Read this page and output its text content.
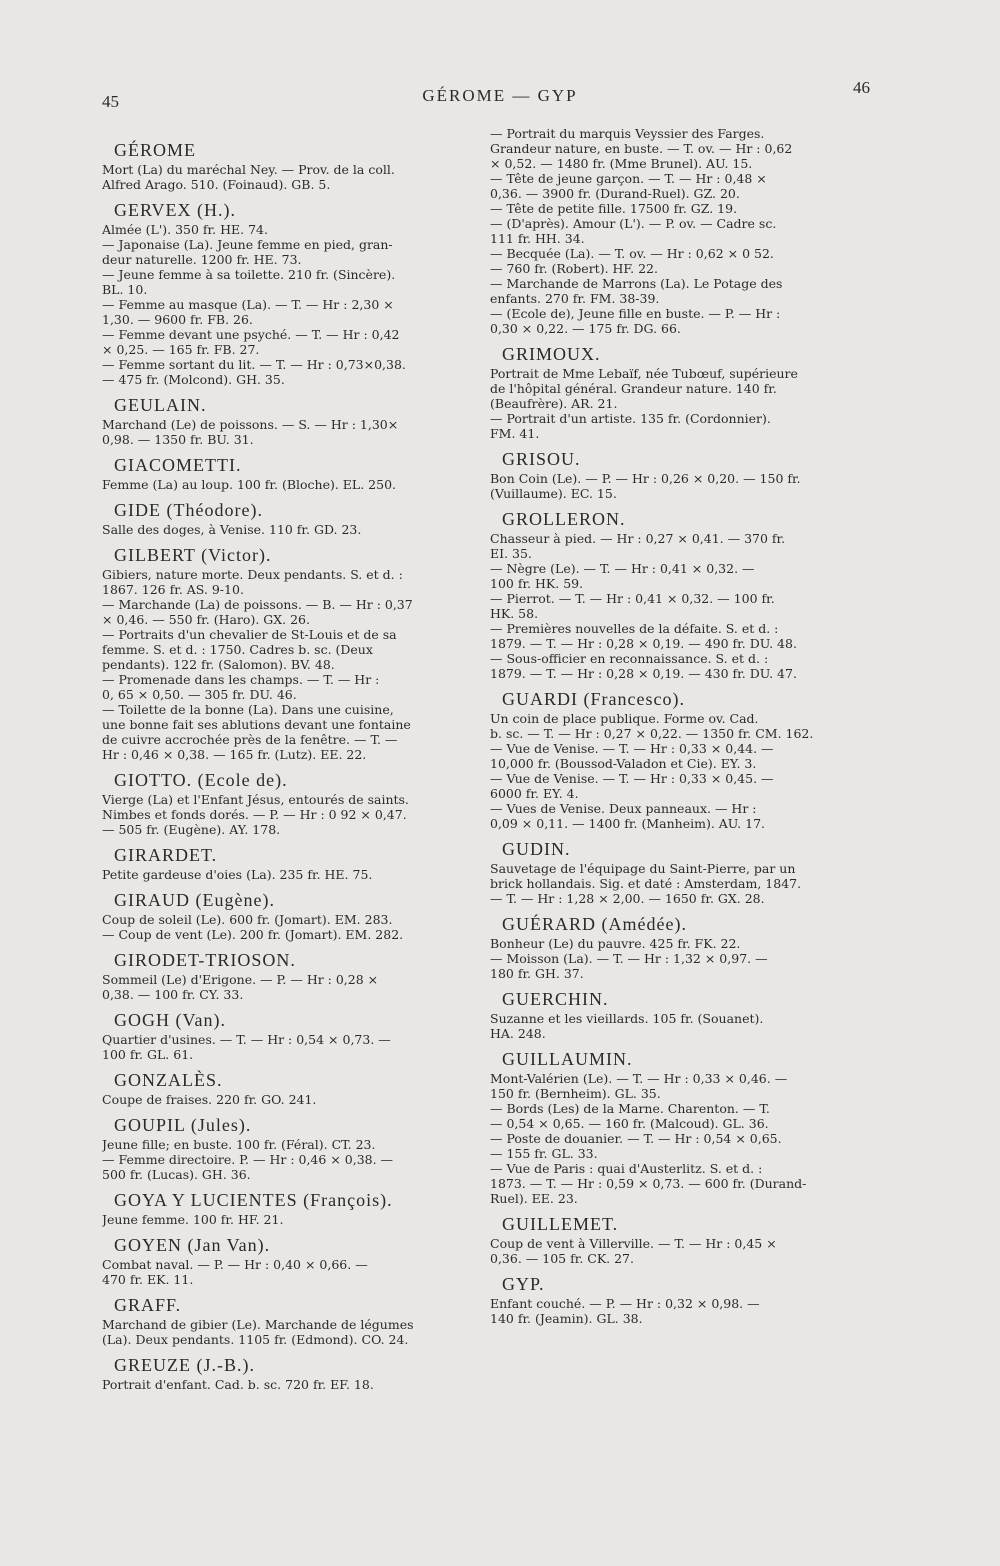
45	GÉROME — GYP	46
GÉROME
Mort (La) du maréchal Ney. — Prov. de la coll.
Alfred Arago. 510. (Foinaud). GB. 5.
GERVEX (H.).
Almée (L'). 350 fr. HE. 74.
— Japonaise (La). Jeune femme en pied, gran-
deur naturelle. 1200 fr. HE. 73.
— Jeune femme à sa toilette. 210 fr. (Sincère).
BL. 10.
— Femme au masque (La). — T. — Hr : 2,30 ×
1,30. — 9600 fr. FB. 26.
— Femme devant une psyché. — T. — Hr : 0,42
× 0,25. — 165 fr. FB. 27.
— Femme sortant du lit. — T. — Hr : 0,73×0,38.
— 475 fr. (Molcond). GH. 35.
GEULAIN.
Marchand (Le) de poissons. — S. — Hr : 1,30×
0,98. — 1350 fr. BU. 31.
GIACOMETTI.
Femme (La) au loup. 100 fr. (Bloche). EL. 250.
GIDE (Théodore).
Salle des doges, à Venise. 110 fr. GD. 23.
GILBERT (Victor).
Gibiers, nature morte. Deux pendants. S. et d. :
1867. 126 fr. AS. 9-10.
— Marchande (La) de poissons. — B. — Hr : 0,37
× 0,46. — 550 fr. (Haro). GX. 26.
— Portraits d'un chevalier de St-Louis et de sa
femme. S. et d. : 1750. Cadres b. sc. (Deux
pendants). 122 fr. (Salomon). BV. 48.
— Promenade dans les champs. — T. — Hr :
0, 65 × 0,50. — 305 fr. DU. 46.
— Toilette de la bonne (La). Dans une cuisine,
une bonne fait ses ablutions devant une fontaine
de cuivre accrochée près de la fenêtre. — T. —
Hr : 0,46 × 0,38. — 165 fr. (Lutz). EE. 22.
GIOTTO. (Ecole de).
Vierge (La) et l'Enfant Jésus, entourés de saints.
Nimbes et fonds dorés. — P. — Hr : 0 92 × 0,47.
— 505 fr. (Eugène). AY. 178.
GIRARDET.
Petite gardeuse d'oies (La). 235 fr. HE. 75.
GIRAUD (Eugène).
Coup de soleil (Le). 600 fr. (Jomart). EM. 283.
— Coup de vent (Le). 200 fr. (Jomart). EM. 282.
GIRODET-TRIOSON.
Sommeil (Le) d'Erigone. — P. — Hr : 0,28 ×
0,38. — 100 fr. CY. 33.
GOGH (Van).
Quartier d'usines. — T. — Hr : 0,54 × 0,73. —
100 fr. GL. 61.
GONZALÈS.
Coupe de fraises. 220 fr. GO. 241.
GOUPIL (Jules).
Jeune fille; en buste. 100 fr. (Féral). CT. 23.
— Femme directoire. P. — Hr : 0,46 × 0,38. —
500 fr. (Lucas). GH. 36.
GOYA Y LUCIENTES (François).
Jeune femme. 100 fr. HF. 21.
GOYEN (Jan Van).
Combat naval. — P. — Hr : 0,40 × 0,66. —
470 fr. EK. 11.
GRAFF.
Marchand de gibier (Le). Marchande de légumes
(La). Deux pendants. 1105 fr. (Edmond). CO. 24.
GREUZE (J.-B.).
Portrait d'enfant. Cad. b. sc. 720 fr. EF. 18.
— Portrait du marquis Veyssier des Farges.
Grandeur nature, en buste. — T. ov. — Hr : 0,62
× 0,52. — 1480 fr. (Mme Brunel). AU. 15.
— Tête de jeune garçon. — T. — Hr : 0,48 ×
0,36. — 3900 fr. (Durand-Ruel). GZ. 20.
— Tête de petite fille. 17500 fr. GZ. 19.
— (D'après). Amour (L'). — P. ov. — Cadre sc.
111 fr. HH. 34.
— Becquée (La). — T. ov. — Hr : 0,62 × 0 52.
— 760 fr. (Robert). HF. 22.
— Marchande de Marrons (La). Le Potage des
enfants. 270 fr. FM. 38-39.
— (Ecole de), Jeune fille en buste. — P. — Hr :
0,30 × 0,22. — 175 fr. DG. 66.
GRIMOUX.
Portrait de Mme Lebaïf, née Tubœuf, supérieure
de l'hôpital général. Grandeur nature. 140 fr.
(Beaufrère). AR. 21.
— Portrait d'un artiste. 135 fr. (Cordonnier).
FM. 41.
GRISOU.
Bon Coin (Le). — P. — Hr : 0,26 × 0,20. — 150 fr.
(Vuillaume). EC. 15.
GROLLERON.
Chasseur à pied. — Hr : 0,27 × 0,41. — 370 fr.
EI. 35.
— Nègre (Le). — T. — Hr : 0,41 × 0,32. —
100 fr. HK. 59.
— Pierrot. — T. — Hr : 0,41 × 0,32. — 100 fr.
HK. 58.
— Premières nouvelles de la défaite. S. et d. :
1879. — T. — Hr : 0,28 × 0,19. — 490 fr. DU. 48.
— Sous-officier en reconnaissance. S. et d. :
1879. — T. — Hr : 0,28 × 0,19. — 430 fr. DU. 47.
GUARDI (Francesco).
Un coin de place publique. Forme ov. Cad.
b. sc. — T. — Hr : 0,27 × 0,22. — 1350 fr. CM. 162.
— Vue de Venise. — T. — Hr : 0,33 × 0,44. —
10,000 fr. (Boussod-Valadon et Cie). EY. 3.
— Vue de Venise. — T. — Hr : 0,33 × 0,45. —
6000 fr. EY. 4.
— Vues de Venise. Deux panneaux. — Hr :
0,09 × 0,11. — 1400 fr. (Manheim). AU. 17.
GUDIN.
Sauvetage de l'équipage du Saint-Pierre, par un
brick hollandais. Sig. et daté : Amsterdam, 1847.
— T. — Hr : 1,28 × 2,00. — 1650 fr. GX. 28.
GUÉRARD (Amédée).
Bonheur (Le) du pauvre. 425 fr. FK. 22.
— Moisson (La). — T. — Hr : 1,32 × 0,97. —
180 fr. GH. 37.
GUERCHIN.
Suzanne et les vieillards. 105 fr. (Souanet).
HA. 248.
GUILLAUMIN.
Mont-Valérien (Le). — T. — Hr : 0,33 × 0,46. —
150 fr. (Bernheim). GL. 35.
— Bords (Les) de la Marne. Charenton. — T.
— 0,54 × 0,65. — 160 fr. (Malcoud). GL. 36.
— Poste de douanier. — T. — Hr : 0,54 × 0,65.
— 155 fr. GL. 33.
— Vue de Paris : quai d'Austerlitz. S. et d. :
1873. — T. — Hr : 0,59 × 0,73. — 600 fr. (Durand-
Ruel). EE. 23.
GUILLEMET.
Coup de vent à Villerville. — T. — Hr : 0,45 ×
0,36. — 105 fr. CK. 27.
GYP.
Enfant couché. — P. — Hr : 0,32 × 0,98. —
140 fr. (Jeamin). GL. 38.
